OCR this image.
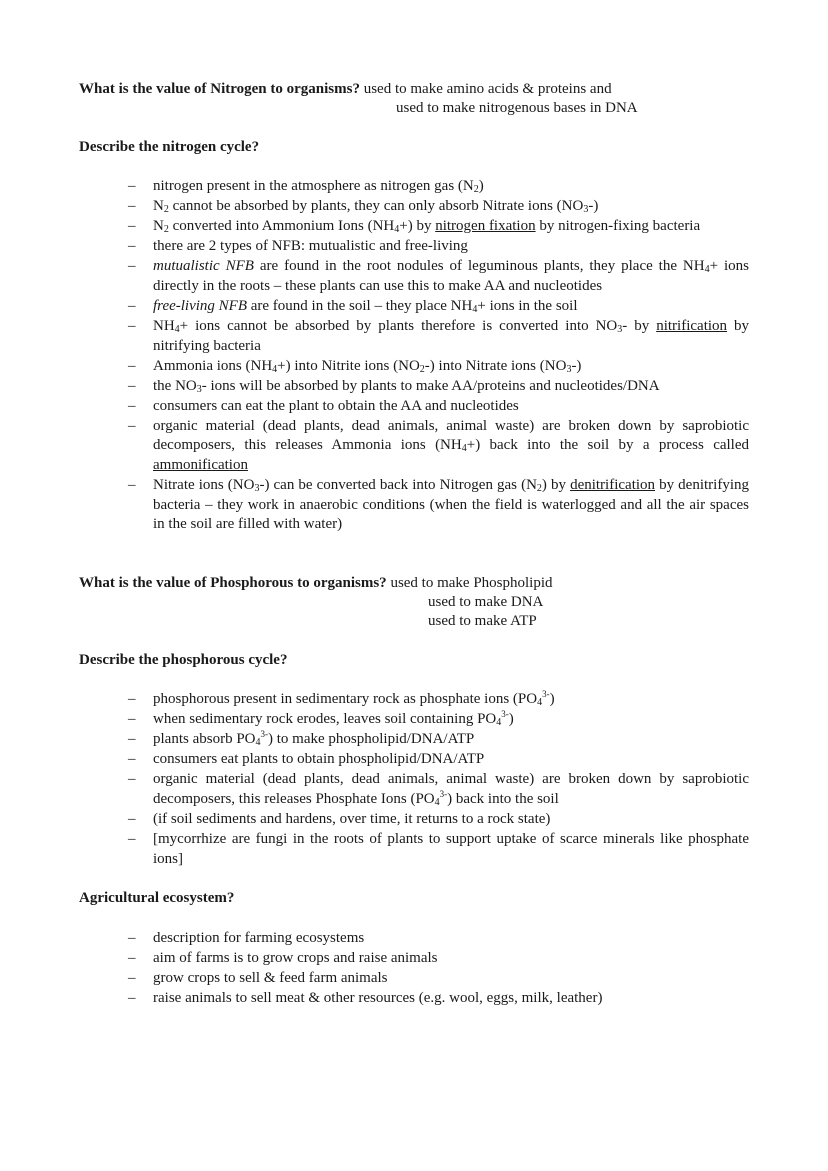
What is the value of Nitrogen to organisms? used to make amino acids & proteins and
used to make nitrogenous bases in DNA
Describe the nitrogen cycle?
– nitrogen present in the atmosphere as nitrogen gas $(N_2)$
– $N_2$ cannot be absorbed by plants, they can only absorb Nitrate ions $(NO_3-)$
– $N_2$ converted into Ammonium Ions $(NH_4+)$ by nitrogen fixation by nitrogen-fixing bacteria
– there are 2 types of NFB: mutualistic and free-living
– mutualistic NFB are found in the root nodules of leguminous plants, they place the $NH_4+$ ions directly in the roots – these plants can use this to make AA and nucleotides
– free-living NFB are found in the soil – they place $NH_4+$ ions in the soil
– $NH_4+$ ions cannot be absorbed by plants therefore is converted into $NO_3-$ by nitrification by nitrifying bacteria
– Ammonia ions $(NH_4+)$ into Nitrite ions $(NO_2-)$ into Nitrate ions $(NO_3-)$
– the $NO_3-$ ions will be absorbed by plants to make AA/proteins and nucleotides/DNA
– consumers can eat the plant to obtain the AA and nucleotides
– organic material (dead plants, dead animals, animal waste) are broken down by saprobiotic decomposers, this releases Ammonia ions $(NH_4+)$ back into the soil by a process called ammonification
– Nitrate ions $(NO_3-)$ can be converted back into Nitrogen gas $(N_2)$ by denitrification by denitrifying bacteria – they work in anaerobic conditions (when the field is waterlogged and all the air spaces in the soil are filled with water)
What is the value of Phosphorous to organisms? used to make Phospholipid
used to make DNA
used to make ATP
Describe the phosphorous cycle?
– phosphorous present in sedimentary rock as phosphate ions $(PO_4^{3-})$
– when sedimentary rock erodes, leaves soil containing $PO_4^{3-}$)
– plants absorb $PO_4^{3-}$) to make phospholipid/DNA/ATP
– consumers eat plants to obtain phospholipid/DNA/ATP
– organic material (dead plants, dead animals, animal waste) are broken down by saprobiotic decomposers, this releases Phosphate Ions $(PO_4^{3-})$ back into the soil
– (if soil sediments and hardens, over time, it returns to a rock state)
– [mycorrhize are fungi in the roots of plants to support uptake of scarce minerals like phosphate ions]
Agricultural ecosystem?
– description for farming ecosystems
– aim of farms is to grow crops and raise animals
– grow crops to sell & feed farm animals
– raise animals to sell meat & other resources (e.g. wool, eggs, milk, leather)
